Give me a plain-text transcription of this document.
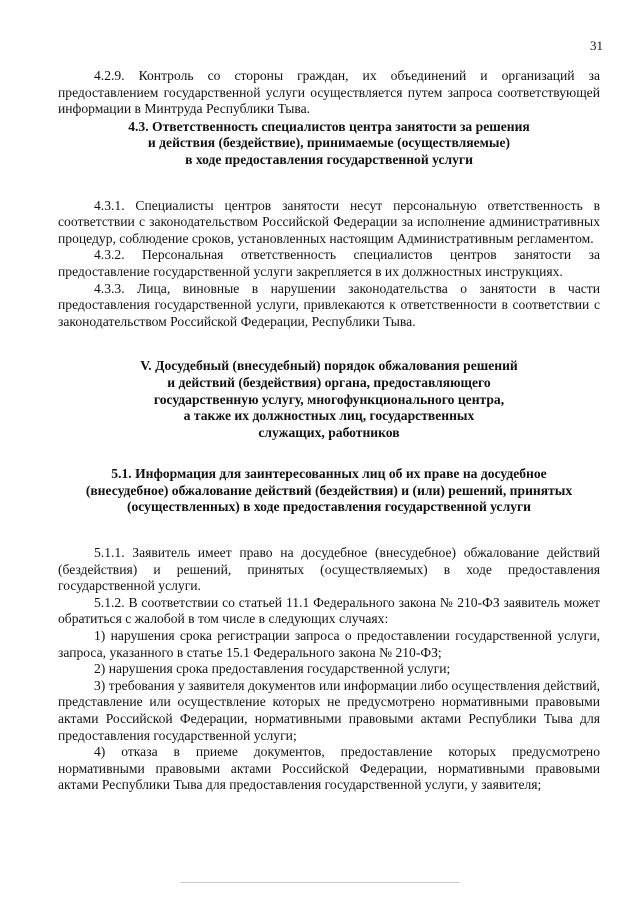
31

4.2.9. Контроль со стороны граждан, их объединений и организаций за предоставлением государственной услуги осуществляется путем запроса соответствующей информации в Минтруда Республики Тыва.

4.3. Ответственность специалистов центра занятости за решения
и действия (бездействие), принимаемые (осуществляемые)
в ходе предоставления государственной услуги

4.3.1. Специалисты центров занятости несут персональную ответственность в соответствии с законодательством Российской Федерации за исполнение административных процедур, соблюдение сроков, установленных настоящим Административным регламентом.

4.3.2. Персональная ответственность специалистов центров занятости за предоставление государственной услуги закрепляется в их должностных инструкциях.

4.3.3. Лица, виновные в нарушении законодательства о занятости в части предоставления государственной услуги, привлекаются к ответственности в соответствии с законодательством Российской Федерации, Республики Тыва.

V. Досудебный (внесудебный) порядок обжалования решений
и действий (бездействия) органа, предоставляющего
государственную услугу, многофункционального центра,
а также их должностных лиц, государственных
служащих, работников
5.1. Информация для заинтересованных лиц об их праве на досудебное
(внесудебное) обжалование действий (бездействия) и (или) решений, принятых
(осуществленных) в ходе предоставления государственной услуги

5.1.1. Заявитель имеет право на досудебное (внесудебное) обжалование действий (бездействия) и решений, принятых (осуществляемых) в ходе предоставления государственной услуги.

5.1.2. В соответствии со статьей 11.1 Федерального закона № 210-ФЗ заявитель может обратиться с жалобой в том числе в следующих случаях:

1) нарушения срока регистрации запроса о предоставлении государственной услуги, запроса, указанного в статье 15.1 Федерального закона № 210-ФЗ;

2) нарушения срока предоставления государственной услуги;

3) требования у заявителя документов или информации либо осуществления действий, представление или осуществление которых не предусмотрено нормативными правовыми актами Российской Федерации, нормативными правовыми актами Республики Тыва для предоставления государственной услуги;

4) отказа в приеме документов, предоставление которых предусмотрено нормативными правовыми актами Российской Федерации, нормативными правовыми актами Республики Тыва для предоставления государственной услуги, у заявителя;
